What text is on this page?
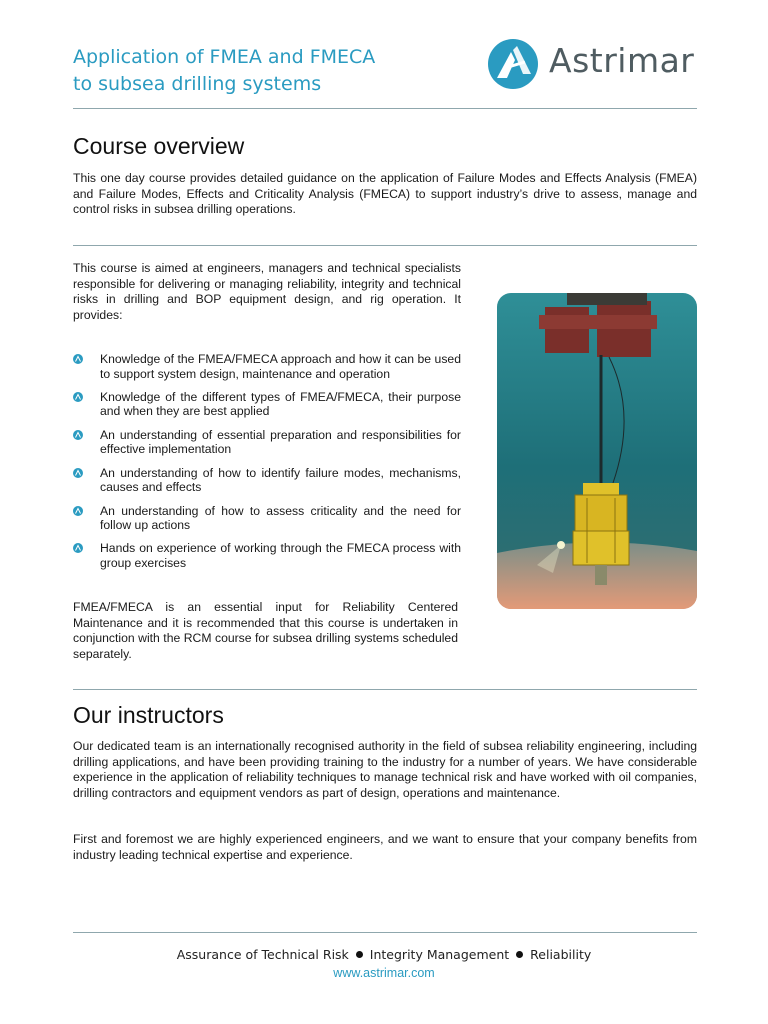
Application of FMEA and FMECA
to subsea drilling systems
Astrimar
Course overview

This one day course provides detailed guidance on the application of Failure Modes and Effects Analysis (FMEA) and Failure Modes, Effects and Criticality Analysis (FMECA) to support industry’s drive to assess, manage and control risks in subsea drilling operations.

This course is aimed at engineers, managers and technical specialists responsible for delivering or managing reliability, integrity and technical risks in drilling and BOP equipment design, and rig operation. It provides:

Knowledge of the FMEA/FMECA approach and how it can be used to support system design, maintenance and operation
Knowledge of the different types of FMEA/FMECA, their purpose and when they are best applied
An understanding of essential preparation and responsibilities for effective implementation
An understanding of how to identify failure modes, mechanisms, causes and effects
An understanding of how to assess criticality and the need for follow up actions
Hands on experience of working through the FMECA process with group exercises

FMEA/FMECA is an essential input for Reliability Centered Maintenance and it is recommended that this course is undertaken in conjunction with the RCM course for subsea drilling systems scheduled separately.

Our instructors

Our dedicated team is an internationally recognised authority in the field of subsea reliability engineering, including drilling applications, and have been providing training to the industry for a number of years. We have considerable experience in the application of reliability techniques to manage technical risk and have worked with oil companies, drilling contractors and equipment vendors as part of design, operations and maintenance.

First and foremost we are highly experienced engineers, and we want to ensure that your company benefits from industry leading technical expertise and experience.

Assurance of Technical Risk Integrity Management Reliability
www.astrimar.com
